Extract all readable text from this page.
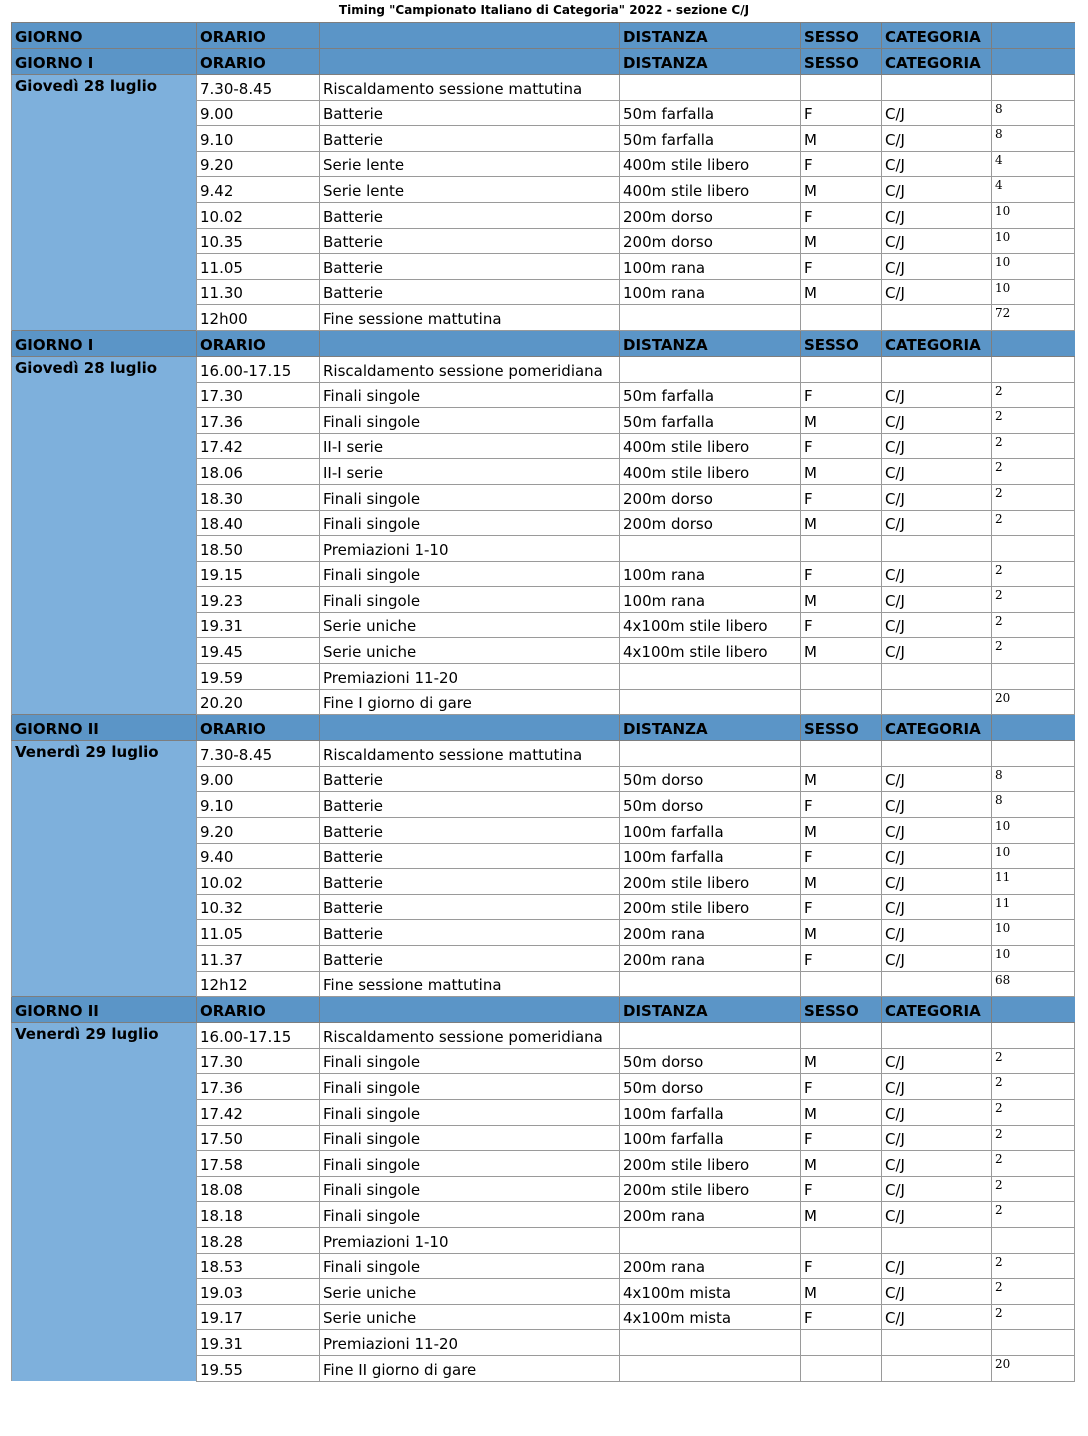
Timing "Campionato Italiano di Categoria" 2022 - sezione C/J
GIORNO	ORARIO		DISTANZA	SESSO	CATEGORIA	
GIORNO I	ORARIO		DISTANZA	SESSO	CATEGORIA	
Giovedì 28 luglio	7.30-8.45	Riscaldamento sessione mattutina				
	9.00	Batterie	50m farfalla	F	C/J	8
	9.10	Batterie	50m farfalla	M	C/J	8
	9.20	Serie lente	400m stile libero	F	C/J	4
	9.42	Serie lente	400m stile libero	M	C/J	4
	10.02	Batterie	200m dorso	F	C/J	10
	10.35	Batterie	200m dorso	M	C/J	10
	11.05	Batterie	100m rana	F	C/J	10
	11.30	Batterie	100m rana	M	C/J	10
	12h00	Fine sessione mattutina				72
GIORNO I	ORARIO		DISTANZA	SESSO	CATEGORIA	
Giovedì 28 luglio	16.00-17.15	Riscaldamento sessione pomeridiana				
	17.30	Finali singole	50m farfalla	F	C/J	2
	17.36	Finali singole	50m farfalla	M	C/J	2
	17.42	II-I serie	400m stile libero	F	C/J	2
	18.06	II-I serie	400m stile libero	M	C/J	2
	18.30	Finali singole	200m dorso	F	C/J	2
	18.40	Finali singole	200m dorso	M	C/J	2
	18.50	Premiazioni 1-10				
	19.15	Finali singole	100m rana	F	C/J	2
	19.23	Finali singole	100m rana	M	C/J	2
	19.31	Serie uniche	4x100m stile libero	F	C/J	2
	19.45	Serie uniche	4x100m stile libero	M	C/J	2
	19.59	Premiazioni 11-20				
	20.20	Fine I giorno di gare				20
GIORNO II	ORARIO		DISTANZA	SESSO	CATEGORIA	
Venerdì 29 luglio	7.30-8.45	Riscaldamento sessione mattutina				
	9.00	Batterie	50m dorso	M	C/J	8
	9.10	Batterie	50m dorso	F	C/J	8
	9.20	Batterie	100m farfalla	M	C/J	10
	9.40	Batterie	100m farfalla	F	C/J	10
	10.02	Batterie	200m stile libero	M	C/J	11
	10.32	Batterie	200m stile libero	F	C/J	11
	11.05	Batterie	200m rana	M	C/J	10
	11.37	Batterie	200m rana	F	C/J	10
	12h12	Fine sessione mattutina				68
GIORNO II	ORARIO		DISTANZA	SESSO	CATEGORIA	
Venerdì 29 luglio	16.00-17.15	Riscaldamento sessione pomeridiana				
	17.30	Finali singole	50m dorso	M	C/J	2
	17.36	Finali singole	50m dorso	F	C/J	2
	17.42	Finali singole	100m farfalla	M	C/J	2
	17.50	Finali singole	100m farfalla	F	C/J	2
	17.58	Finali singole	200m stile libero	M	C/J	2
	18.08	Finali singole	200m stile libero	F	C/J	2
	18.18	Finali singole	200m rana	M	C/J	2
	18.28	Premiazioni 1-10				
	18.53	Finali singole	200m rana	F	C/J	2
	19.03	Serie uniche	4x100m mista	M	C/J	2
	19.17	Serie uniche	4x100m mista	F	C/J	2
	19.31	Premiazioni 11-20				
	19.55	Fine II giorno di gare				20
